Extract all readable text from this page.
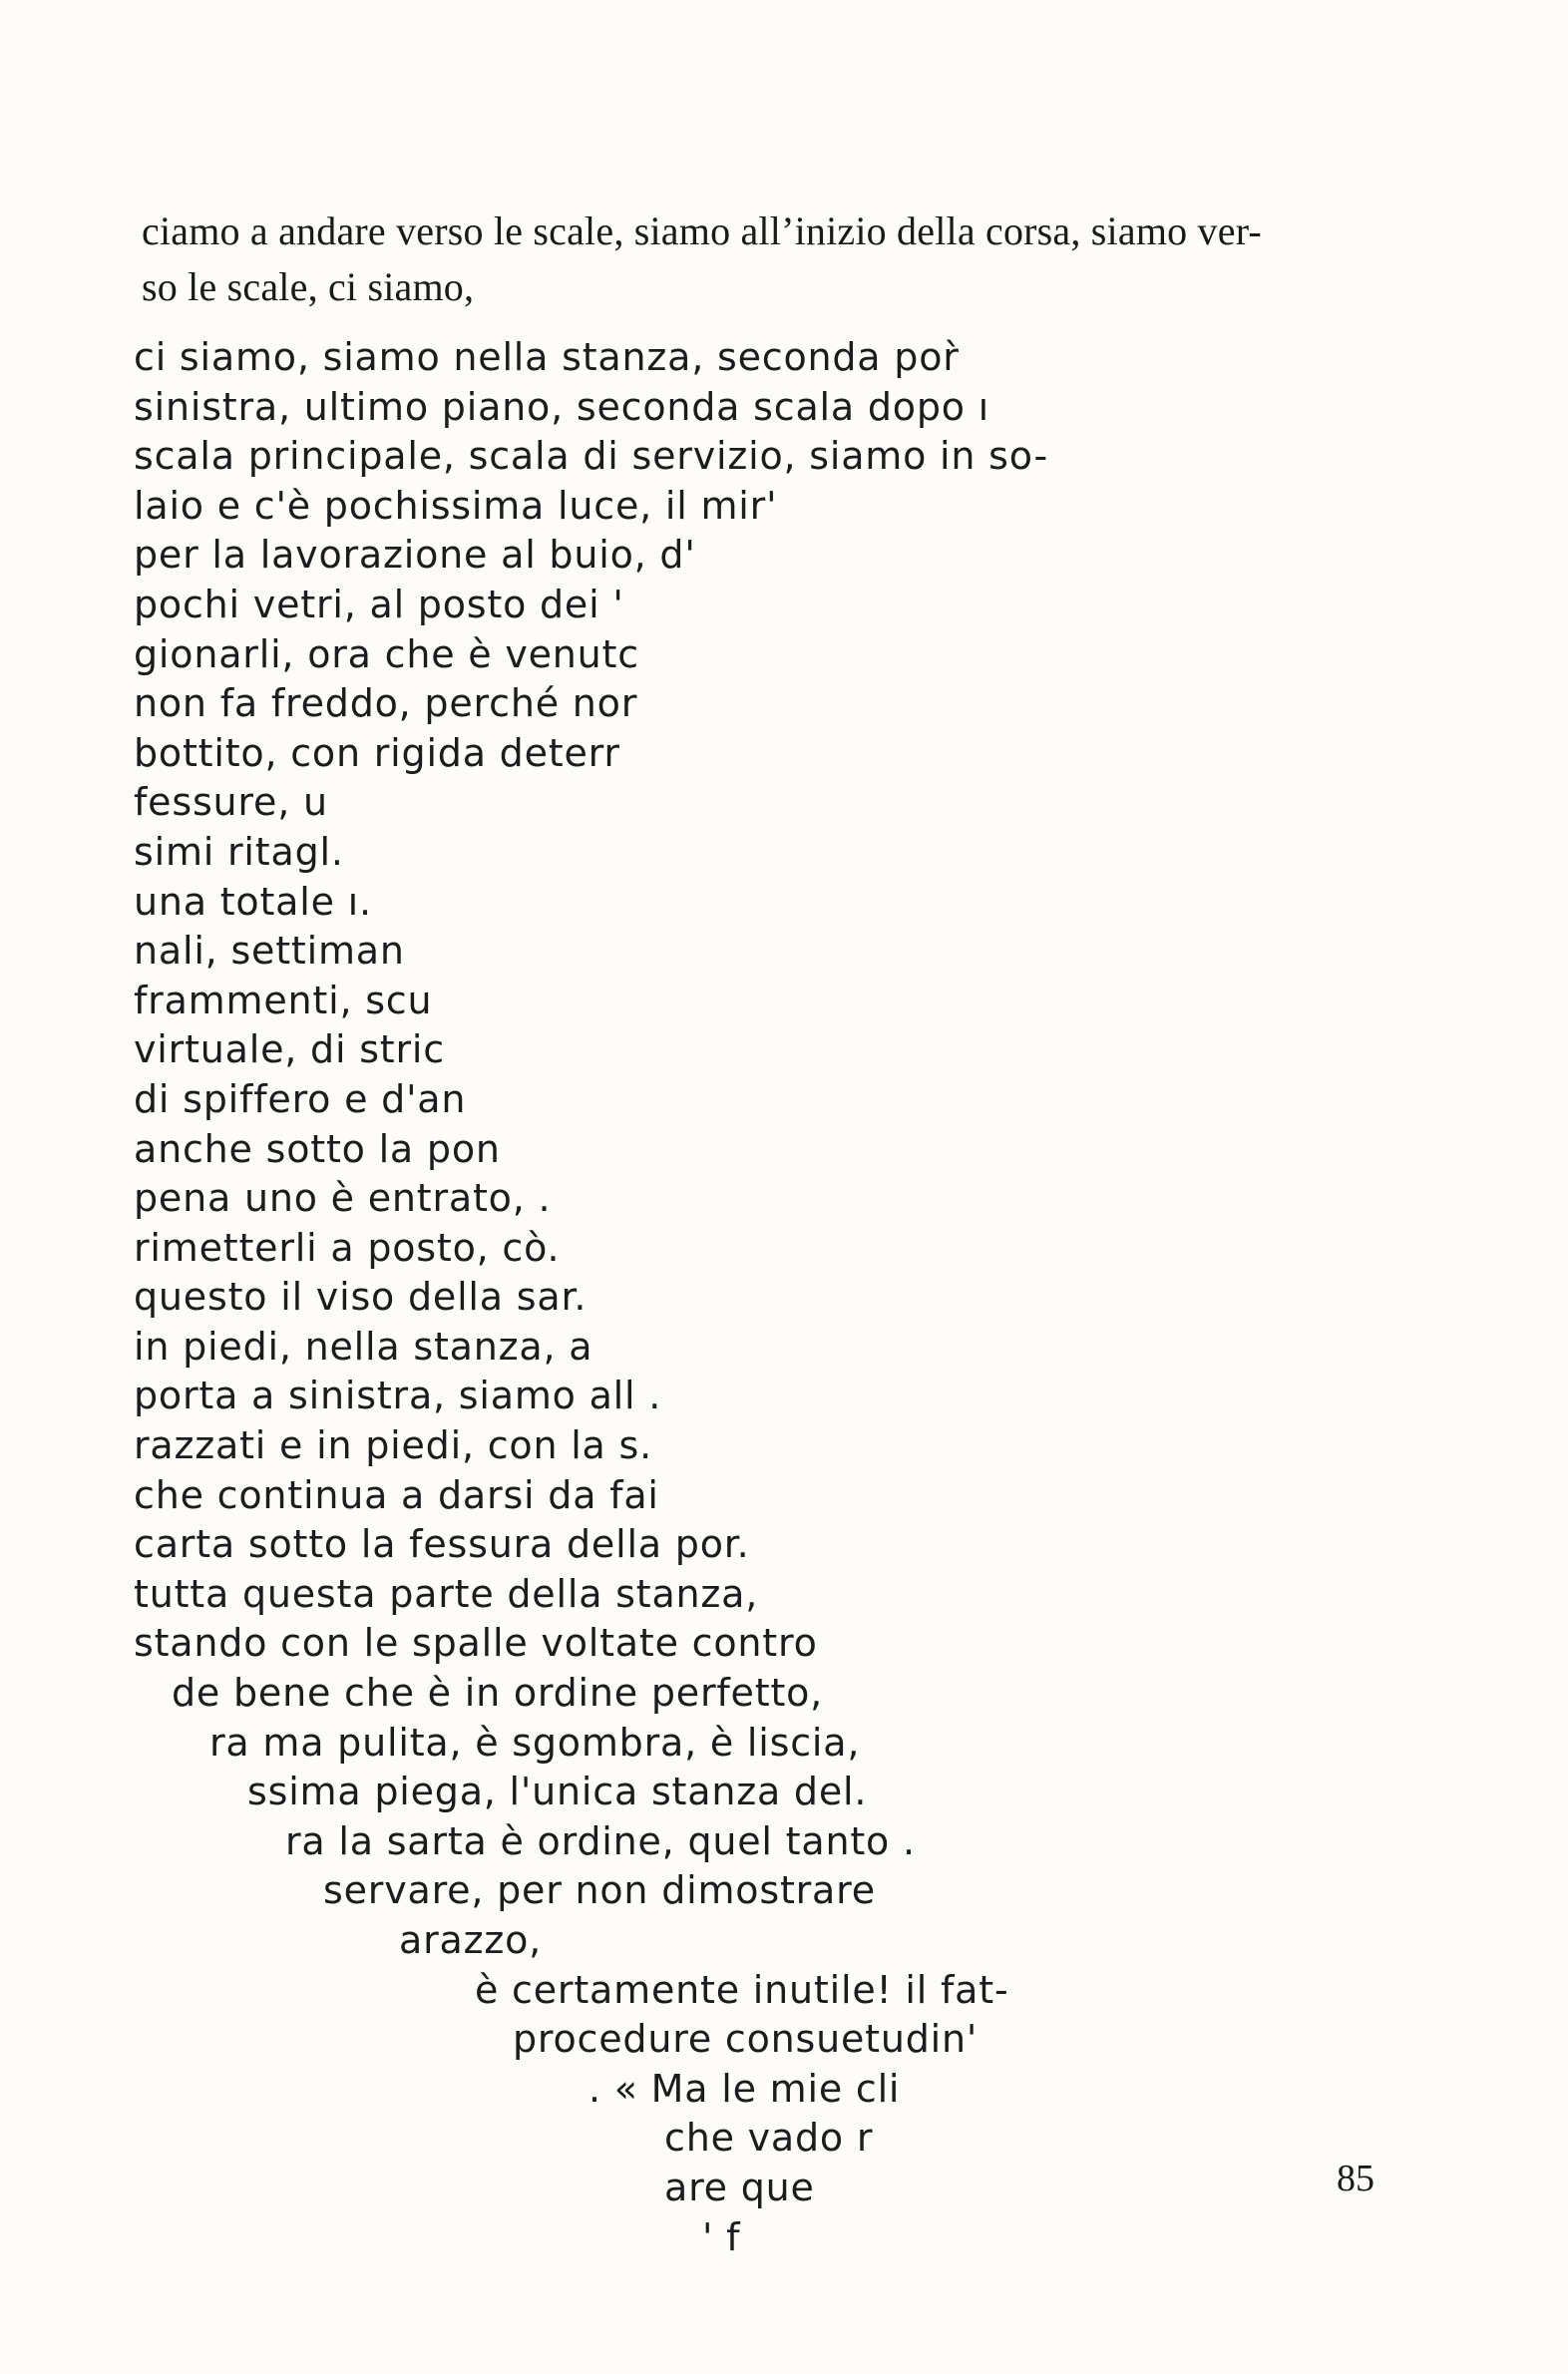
ciamo a andare verso le scale, siamo all’inizio della corsa, siamo ver-
so le scale, ci siamo,
ci siamo, siamo nella stanza, seconda por̀
sinistra, ultimo piano, seconda scala dopo ı
scala principale, scala di servizio, siamo in so-
laio e c'è pochissima luce, il mir'
per la lavorazione al buio, d'
pochi vetri, al posto dei '
gionarli, ora che è venutc
non fa freddo, perché nor
bottito, con rigida deterr
fessure, u
simi ritagl.
una totale ı.
nali, settiman
frammenti, scu
virtuale, di stric
di spiffero e d'an
anche sotto la pon
pena uno è entrato, .
rimetterli a posto, cò.
questo il viso della sar.
in piedi, nella stanza, a
porta a sinistra, siamo all .
razzati e in piedi, con la s.
che continua a darsi da fai
carta sotto la fessura della por.
tutta questa parte della stanza,
stando con le spalle voltate contro
de bene che è in ordine perfetto,
ra ma pulita, è sgombra, è liscia,
ssima piega, l'unica stanza del.
ra la sarta è ordine, quel tanto .
servare, per non dimostrare
arazzo,
è certamente inutile! il fat-
procedure consuetudin'
. « Ma le mie cli
che vado r
are que
' f
85
